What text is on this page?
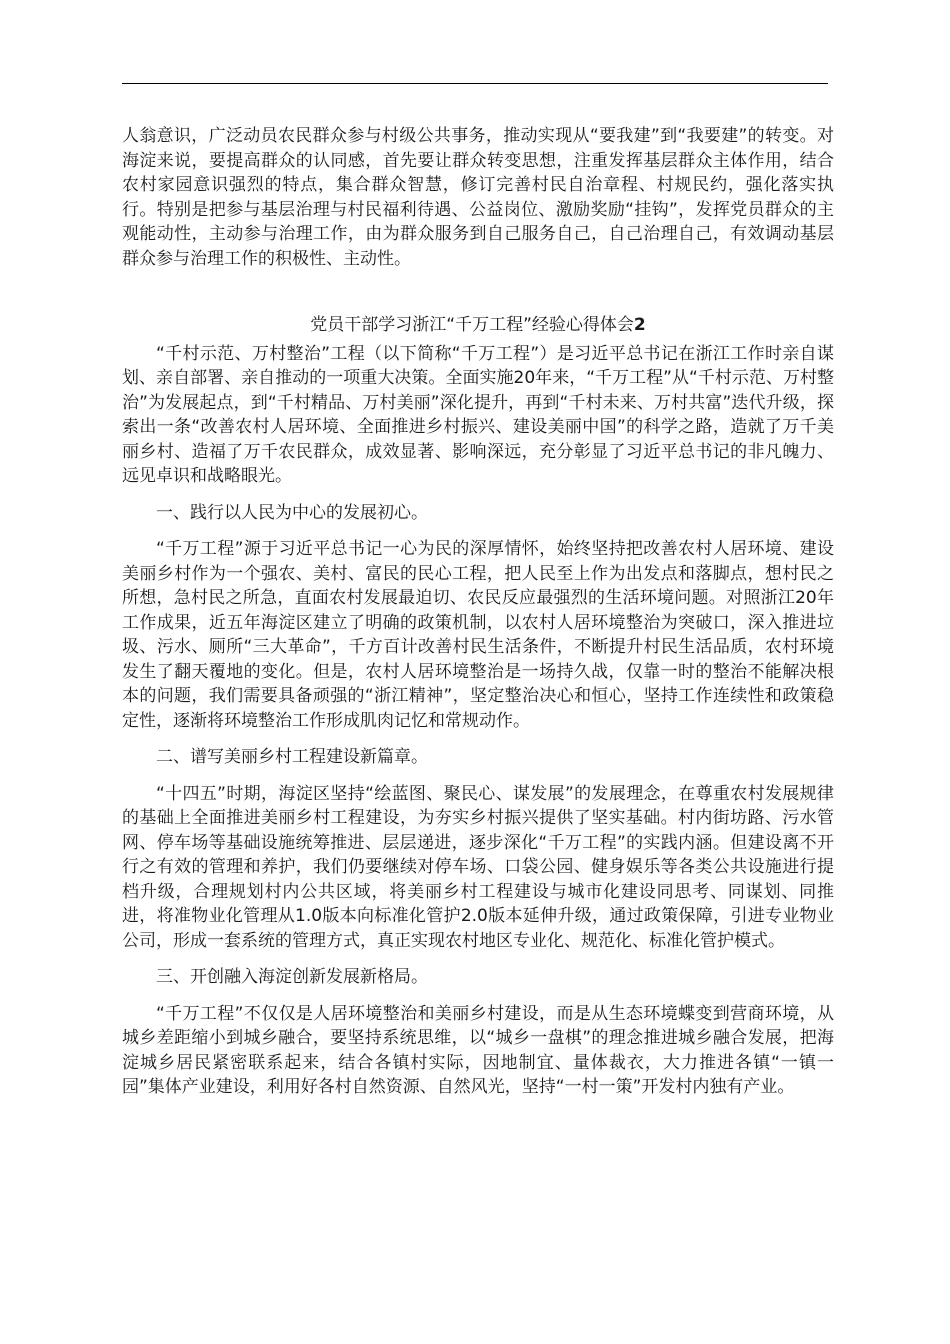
人翁意识，广泛动员农民群众参与村级公共事务，推动实现从“要我建”到“我要建”的转变。对海淀来说，要提高群众的认同感，首先要让群众转变思想，注重发挥基层群众主体作用，结合农村家园意识强烈的特点，集合群众智慧，修订完善村民自治章程、村规民约，强化落实执行。特别是把参与基层治理与村民福利待遇、公益岗位、激励奖励“挂钩”，发挥党员群众的主观能动性，主动参与治理工作，由为群众服务到自己服务自己，自己治理自己，有效调动基层群众参与治理工作的积极性、主动性。

党员干部学习浙江“千万工程”经验心得体会2

“千村示范、万村整治”工程（以下简称“千万工程”）是习近平总书记在浙江工作时亲自谋划、亲自部署、亲自推动的一项重大决策。全面实施20年来，“千万工程”从“千村示范、万村整治”为发展起点，到“千村精品、万村美丽”深化提升，再到“千村未来、万村共富”迭代升级，探索出一条“改善农村人居环境、全面推进乡村振兴、建设美丽中国”的科学之路，造就了万千美丽乡村、造福了万千农民群众，成效显著、影响深远，充分彰显了习近平总书记的非凡魄力、远见卓识和战略眼光。

一、践行以人民为中心的发展初心。

“千万工程”源于习近平总书记一心为民的深厚情怀，始终坚持把改善农村人居环境、建设美丽乡村作为一个强农、美村、富民的民心工程，把人民至上作为出发点和落脚点，想村民之所想，急村民之所急，直面农村发展最迫切、农民反应最强烈的生活环境问题。对照浙江20年工作成果，近五年海淀区建立了明确的政策机制，以农村人居环境整治为突破口，深入推进垃圾、污水、厕所“三大革命”，千方百计改善村民生活条件，不断提升村民生活品质，农村环境发生了翻天覆地的变化。但是，农村人居环境整治是一场持久战，仅靠一时的整治不能解决根本的问题，我们需要具备顽强的“浙江精神”，坚定整治决心和恒心，坚持工作连续性和政策稳定性，逐渐将环境整治工作形成肌肉记忆和常规动作。

二、谱写美丽乡村工程建设新篇章。

“十四五”时期，海淀区坚持“绘蓝图、聚民心、谋发展”的发展理念，在尊重农村发展规律的基础上全面推进美丽乡村工程建设，为夯实乡村振兴提供了坚实基础。村内街坊路、污水管网、停车场等基础设施统筹推进、层层递进，逐步深化“千万工程”的实践内涵。但建设离不开行之有效的管理和养护，我们仍要继续对停车场、口袋公园、健身娱乐等各类公共设施进行提档升级，合理规划村内公共区域，将美丽乡村工程建设与城市化建设同思考、同谋划、同推进，将准物业化管理从1.0版本向标准化管护2.0版本延伸升级，通过政策保障，引进专业物业公司，形成一套系统的管理方式，真正实现农村地区专业化、规范化、标准化管护模式。

三、开创融入海淀创新发展新格局。

“千万工程”不仅仅是人居环境整治和美丽乡村建设，而是从生态环境蝶变到营商环境，从城乡差距缩小到城乡融合，要坚持系统思维，以“城乡一盘棋”的理念推进城乡融合发展，把海淀城乡居民紧密联系起来，结合各镇村实际，因地制宜、量体裁衣，大力推进各镇“一镇一园”集体产业建设，利用好各村自然资源、自然风光，坚持“一村一策”开发村内独有产业。
